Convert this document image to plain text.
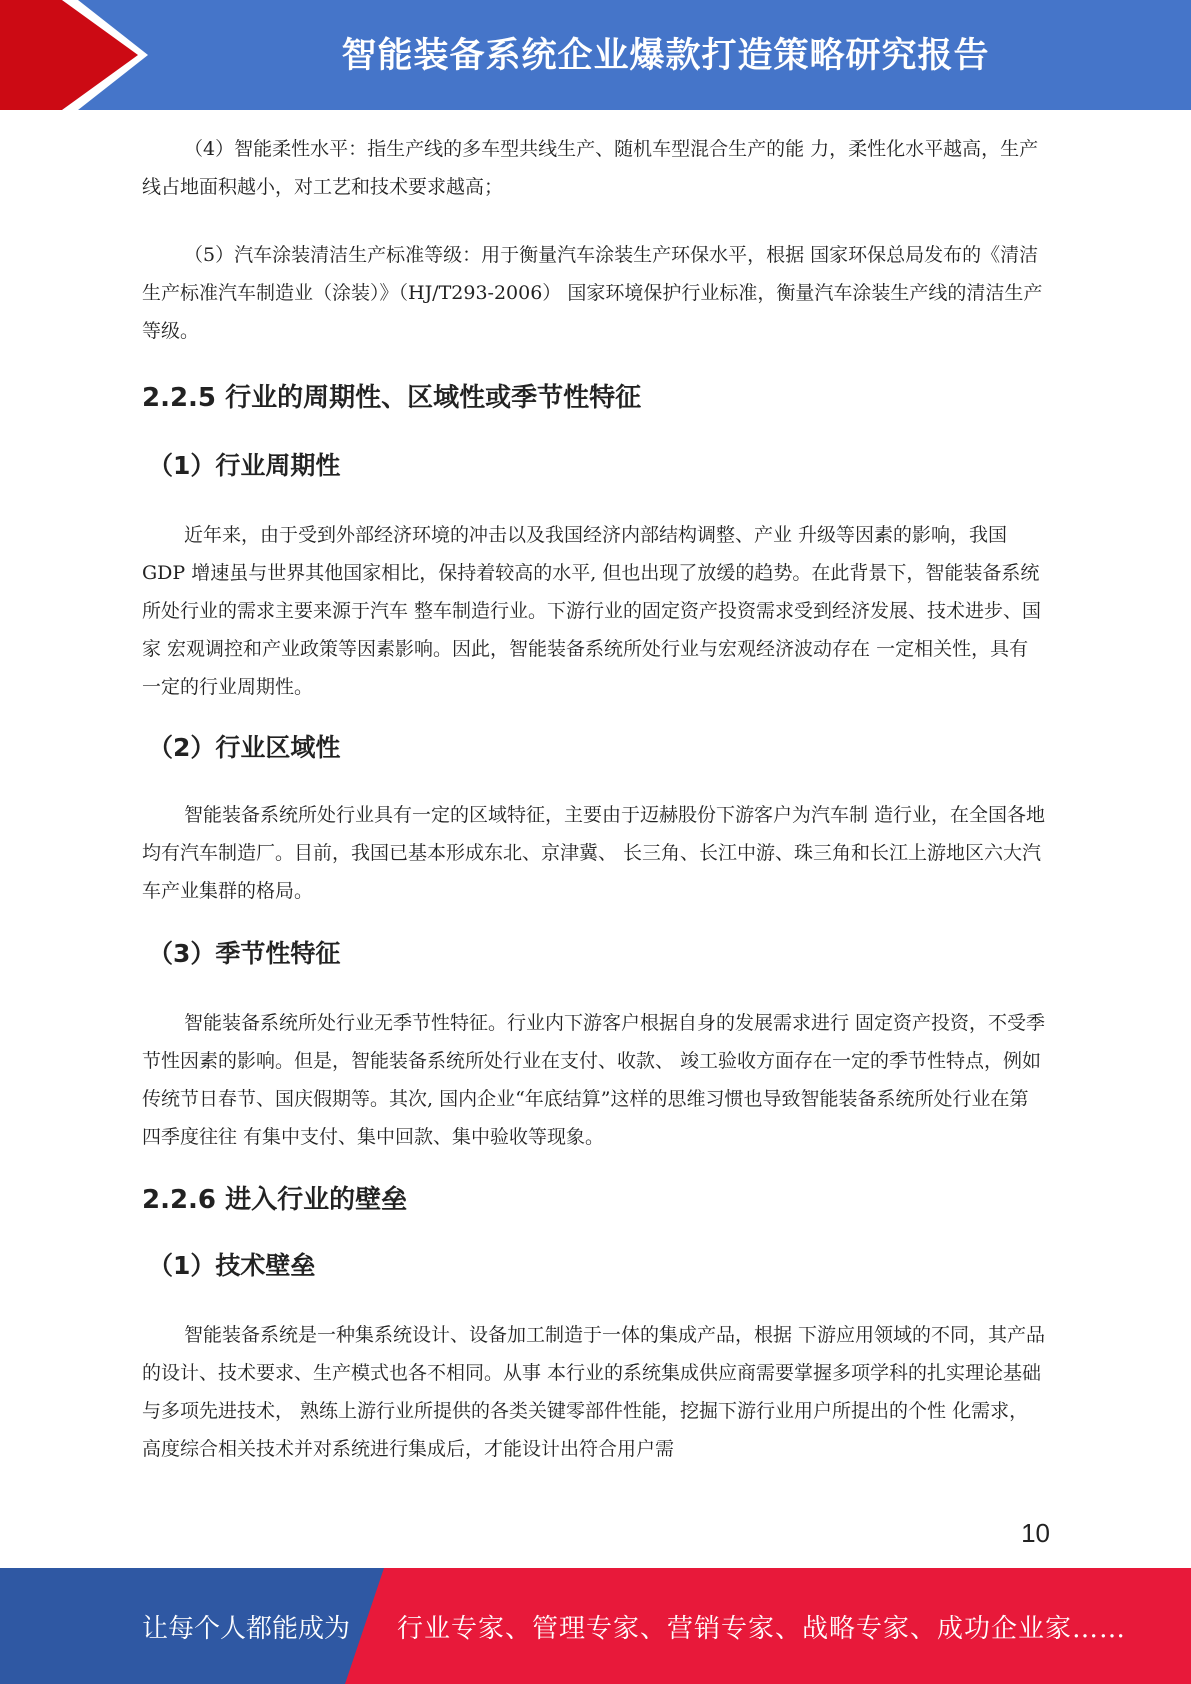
智能装备系统企业爆款打造策略研究报告

（4）智能柔性水平：指生产线的多车型共线生产、随机车型混合生产的能 力，柔性化水平越高，生产线占地面积越小，对工艺和技术要求越高；

（5）汽车涂装清洁生产标准等级：用于衡量汽车涂装生产环保水平，根据 国家环保总局发布的《清洁生产标准汽车制造业（涂装）》（HJ/T293-2006） 国家环境保护行业标准，衡量汽车涂装生产线的清洁生产等级。

2.2.5 行业的周期性、区域性或季节性特征
（1）行业周期性

近年来，由于受到外部经济环境的冲击以及我国经济内部结构调整、产业 升级等因素的影响，我国 GDP 增速虽与世界其他国家相比，保持着较高的水平, 但也出现了放缓的趋势。在此背景下，智能装备系统所处行业的需求主要来源于汽车 整车制造行业。下游行业的固定资产投资需求受到经济发展、技术进步、国家 宏观调控和产业政策等因素影响。因此，智能装备系统所处行业与宏观经济波动存在 一定相关性，具有一定的行业周期性。

（2）行业区域性

智能装备系统所处行业具有一定的区域特征，主要由于迈赫股份下游客户为汽车制 造行业，在全国各地均有汽车制造厂。目前，我国已基本形成东北、京津冀、 长三角、长江中游、珠三角和长江上游地区六大汽车产业集群的格局。

（3）季节性特征

智能装备系统所处行业无季节性特征。行业内下游客户根据自身的发展需求进行 固定资产投资，不受季节性因素的影响。但是，智能装备系统所处行业在支付、收款、 竣工验收方面存在一定的季节性特点，例如传统节日春节、国庆假期等。其次, 国内企业“年底结算”这样的思维习惯也导致智能装备系统所处行业在第四季度往往 有集中支付、集中回款、集中验收等现象。

2.2.6 进入行业的壁垒
（1）技术壁垒

智能装备系统是一种集系统设计、设备加工制造于一体的集成产品，根据 下游应用领域的不同，其产品的设计、技术要求、生产模式也各不相同。从事 本行业的系统集成供应商需要掌握多项学科的扎实理论基础与多项先进技术， 熟练上游行业所提供的各类关键零部件性能，挖掘下游行业用户所提出的个性 化需求，高度综合相关技术并对系统进行集成后，才能设计出符合用户需

10
让每个人都能成为 行业专家、管理专家、营销专家、战略专家、成功企业家……
